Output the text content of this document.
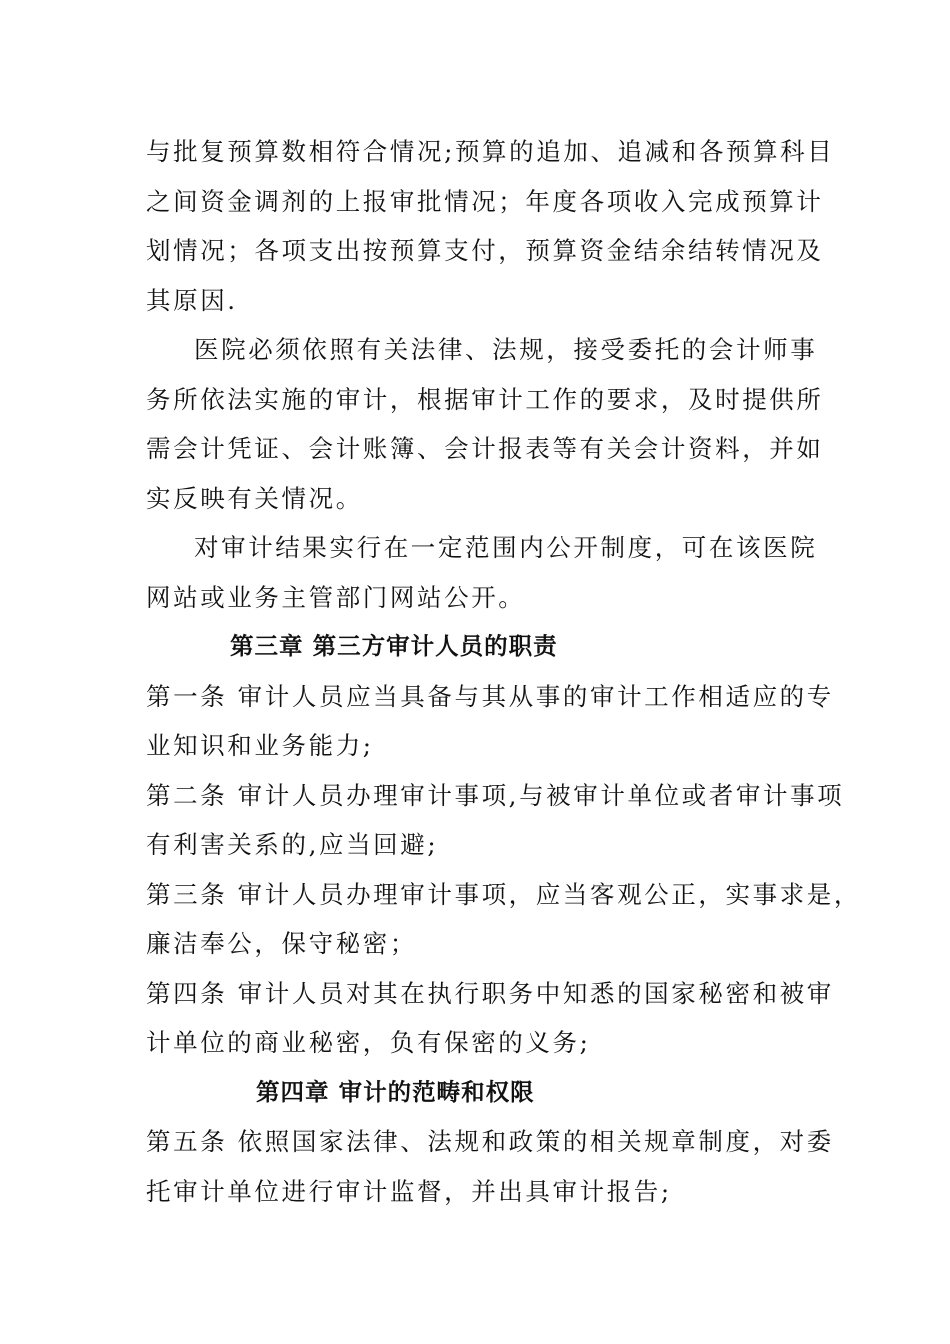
与批复预算数相符合情况;预算的追加、追减和各预算科目
之间资金调剂的上报审批情况；年度各项收入完成预算计
划情况；各项支出按预算支付，预算资金结余结转情况及
其原因.
医院必须依照有关法律、法规，接受委托的会计师事
务所依法实施的审计，根据审计工作的要求，及时提供所
需会计凭证、会计账簿、会计报表等有关会计资料，并如
实反映有关情况。
对审计结果实行在一定范围内公开制度，可在该医院
网站或业务主管部门网站公开。
第三章 第三方审计人员的职责
第一条 审计人员应当具备与其从事的审计工作相适应的专
业知识和业务能力;
第二条 审计人员办理审计事项,与被审计单位或者审计事项
有利害关系的,应当回避;
第三条 审计人员办理审计事项，应当客观公正，实事求是，
廉洁奉公，保守秘密；
第四条 审计人员对其在执行职务中知悉的国家秘密和被审
计单位的商业秘密，负有保密的义务;
第四章 审计的范畴和权限
第五条 依照国家法律、法规和政策的相关规章制度，对委
托审计单位进行审计监督，并出具审计报告;
